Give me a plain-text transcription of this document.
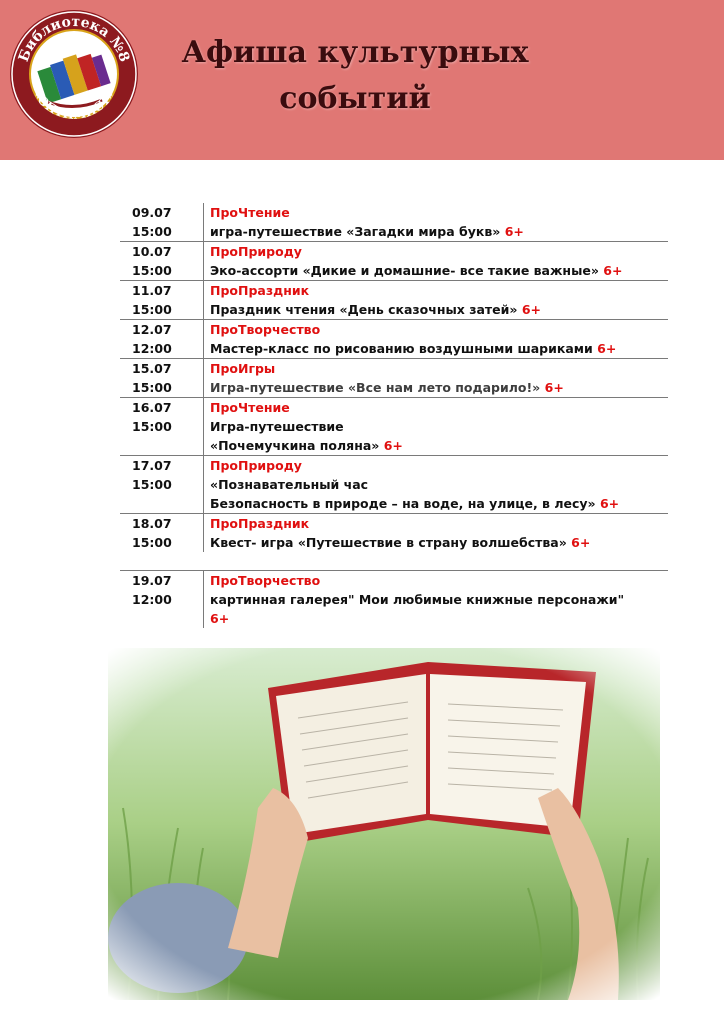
Библиотека №8
«ОПТИМИСТ»
Афиша культурных
событий
09.07
15:00
ПроЧтение
игра-путешествие «Загадки мира букв» 6+
10.07
15:00
ПроПрироду
Эко-ассорти «Дикие и домашние- все такие важные» 6+
11.07
15:00
ПроПраздник
Праздник чтения «День сказочных затей» 6+
12.07
12:00
ПроТворчество
Мастер-класс по рисованию воздушными шариками 6+
15.07
15:00
ПроИгры
Игра-путешествие «Все нам лето подарило!» 6+
16.07
15:00
ПроЧтение
Игра-путешествие
«Почемучкина поляна» 6+
17.07
15:00
ПроПрироду
«Познавательный час
Безопасность в природе – на воде, на улице, в лесу» 6+
18.07
15:00
ПроПраздник
Квест- игра «Путешествие в страну волшебства» 6+
19.07
12:00
ПроТворчество
картинная галерея" Мои любимые книжные персонажи"
6+
